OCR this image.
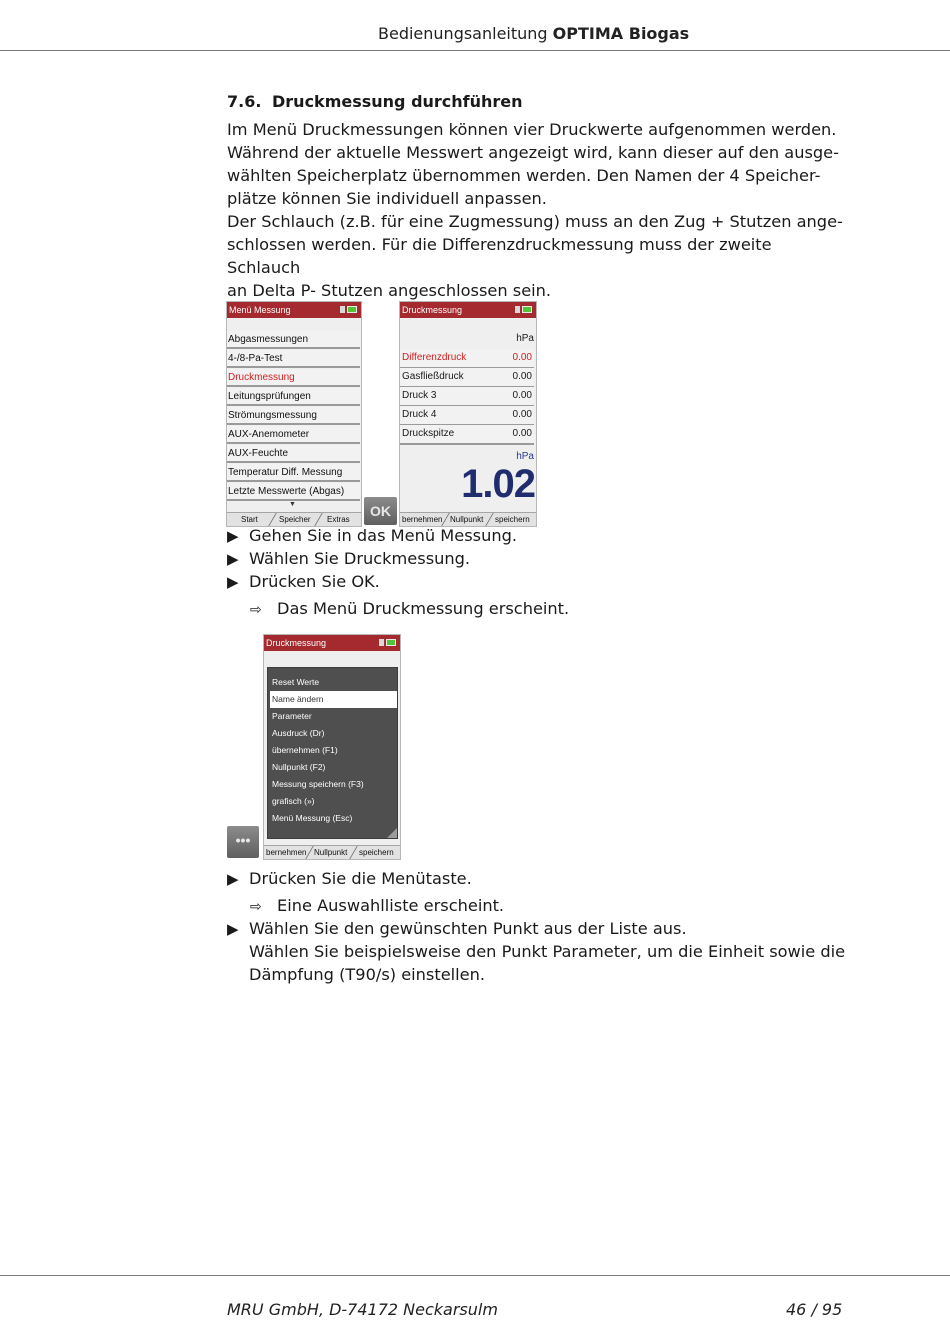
Bedienungsanleitung OPTIMA Biogas
7.6. Druckmessung durchführen

Im Menü Druckmessungen können vier Druckwerte aufgenommen werden.

Während der aktuelle Messwert angezeigt wird, kann dieser auf den ausge-

wählten Speicherplatz übernommen werden. Den Namen der 4 Speicher-

plätze können Sie individuell anpassen.

Der Schlauch (z.B. für eine Zugmessung) muss an den Zug + Stutzen ange-

schlossen werden. Für die Differenzdruckmessung muss der zweite Schlauch

an Delta P- Stutzen angeschlossen sein.

Menü Messung
Abgasmessungen
4-/8-Pa-Test
Druckmessung
Leitungsprüfungen
Strömungsmessung
AUX-Anemometer
AUX-Feuchte
Temperatur Diff. Messung
Letzte Messwerte (Abgas)
▼
Start	Speicher Extras
OK
Druckmessung
hPa
Differenzdruck	0.00
Gasfließdruck	0.00
Druck 3	0.00
Druck 4	0.00
Druckspitze	0.00
hPa
1.02
bernehmen Nullpunkt speichern
▶ Gehen Sie in das Menü Messung.
▶ Wählen Sie Druckmessung.
▶ Drücken Sie OK.
⇨ Das Menü Druckmessung erscheint.
•••
Druckmessung
Reset Werte
Name ändern
Parameter
Ausdruck (Dr)
übernehmen (F1)
Nullpunkt (F2)
Messung speichern (F3)
grafisch (»)
Menü Messung (Esc)
bernehmen Nullpunkt speichern
▶ Drücken Sie die Menütaste.
⇨ Eine Auswahlliste erscheint.
▶ Wählen Sie den gewünschten Punkt aus der Liste aus.
Wählen Sie beispielsweise den Punkt Parameter, um die Einheit sowie die
Dämpfung (T90/s) einstellen.
MRU GmbH, D-74172 Neckarsulm	46 / 95
